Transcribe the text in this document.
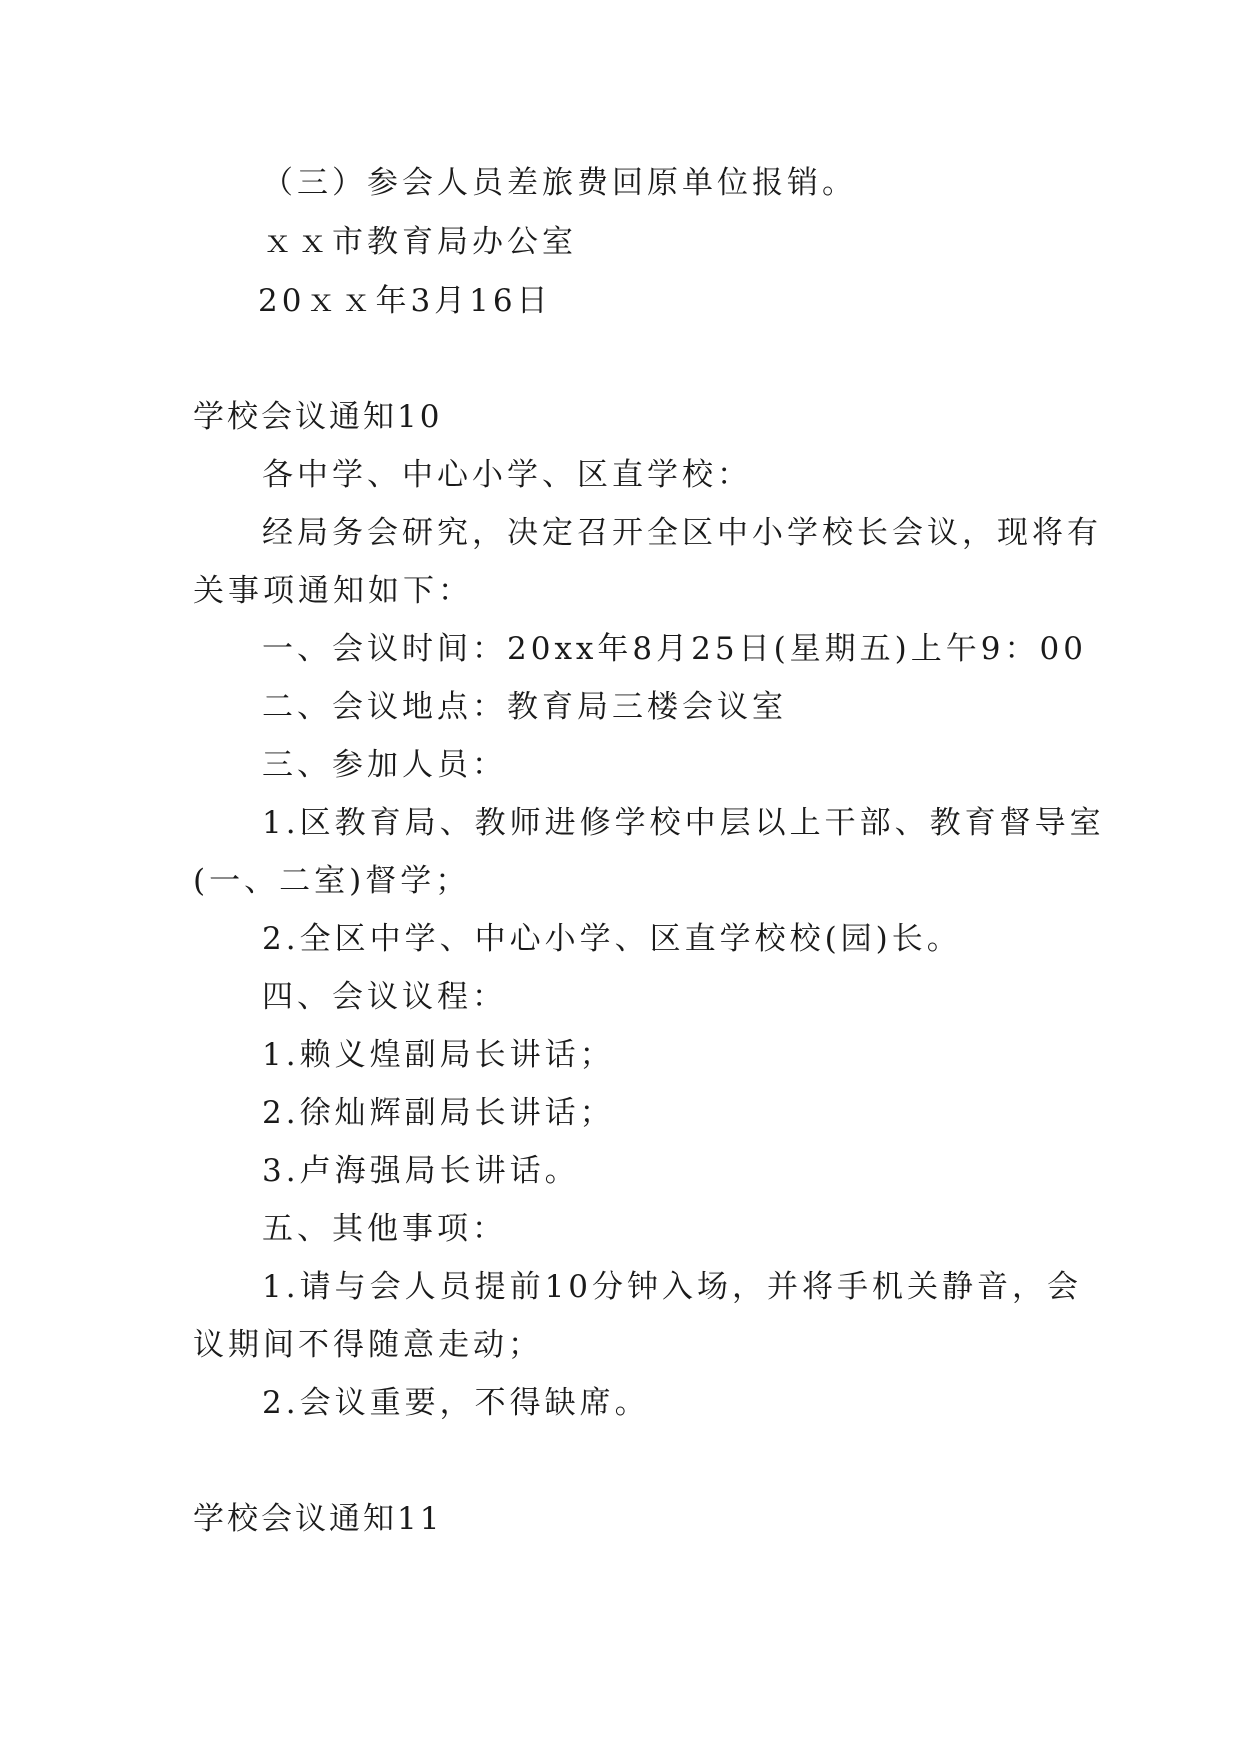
（三）参会人员差旅费回原单位报销。
ｘｘ市教育局办公室
20ｘｘ年3月16日
学校会议通知10
各中学、中心小学、区直学校：
经局务会研究，决定召开全区中小学校长会议，现将有
关事项通知如下：
一、会议时间：20xx年8月25日(星期五)上午9：00
二、会议地点：教育局三楼会议室
三、参加人员：
1.区教育局、教师进修学校中层以上干部、教育督导室
(一、二室)督学；
2.全区中学、中心小学、区直学校校(园)长。
四、会议议程：
1.赖义煌副局长讲话；
2.徐灿辉副局长讲话；
3.卢海强局长讲话。
五、其他事项：
1.请与会人员提前10分钟入场，并将手机关静音，会
议期间不得随意走动；
2.会议重要，不得缺席。
学校会议通知11
